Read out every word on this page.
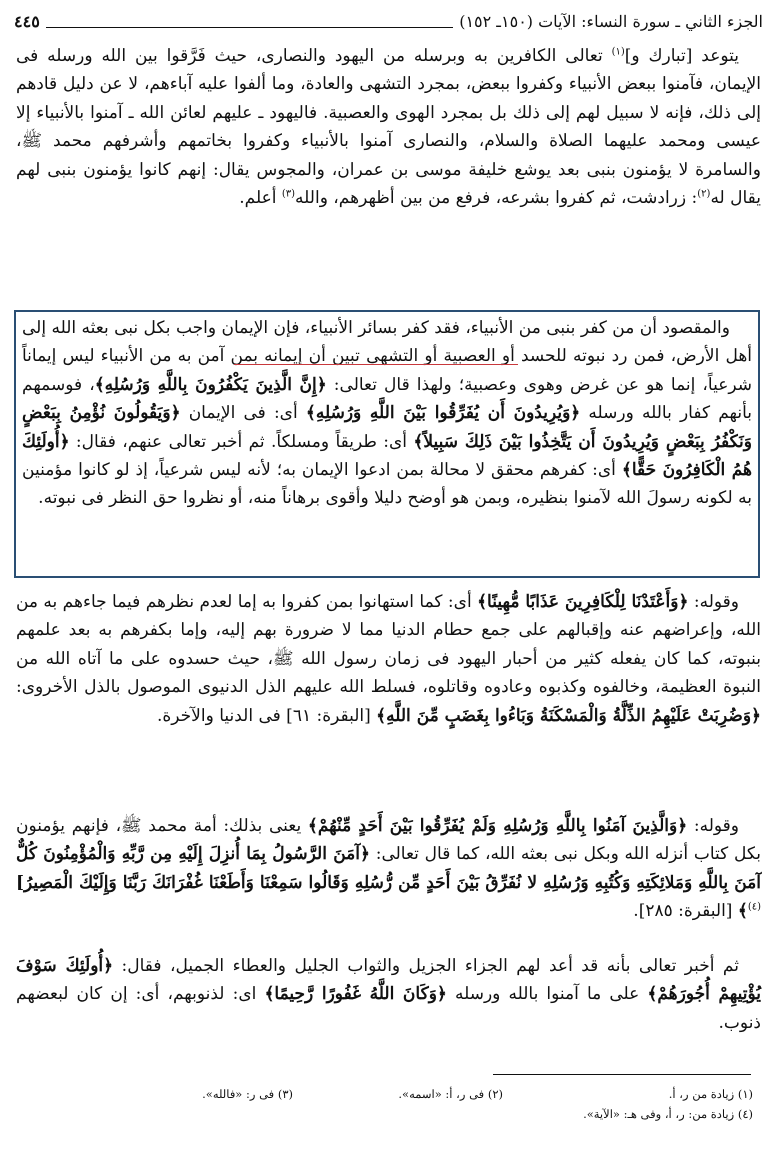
٤٤٥	الجزء الثاني ـ سورة النساء: الآيات (١٥٠ـ ١٥٢)
يتوعد [تبارك و]$^{(١)}$ تعالى الكافرين به وبرسله من اليهود والنصارى، حيث فَرَّقوا بين الله ورسله فى الإيمان، فآمنوا ببعض الأنبياء وكفروا ببعض، بمجرد التشهى والعادة، وما ألفوا عليه آباءهم، لا عن دليل قادهم إلى ذلك، فإنه لا سبيل لهم إلى ذلك بل بمجرد الهوى والعصبية. فاليهود ـ عليهم لعائن الله ـ آمنوا بالأنبياء إلا عيسى ومحمد عليهما الصلاة والسلام، والنصارى آمنوا بالأنبياء وكفروا بخاتمهم وأشرفهم محمد ﷺ، والسامرة لا يؤمنون بنبى بعد يوشع خليفة موسى بن عمران، والمجوس يقال: إنهم كانوا يؤمنون بنبى لهم يقال له$^{(٢)}$: زرادشت، ثم كفروا بشرعه، فرفع من بين أظهرهم، والله$^{(٣)}$ أعلم.
والمقصود أن من كفر بنبى من الأنبياء، فقد كفر بسائر الأنبياء، فإن الإيمان واجب بكل نبى بعثه الله إلى أهل الأرض، فمن رد نبوته للحسد أو العصبية أو التشهى تبين أن إيمانه بمن آمن به من الأنبياء ليس إيماناً شرعياً، إنما هو عن غرض وهوى وعصبية؛ ولهذا قال تعالى: ﴿إِنَّ الَّذِينَ يَكْفُرُونَ بِاللَّهِ وَرُسُلِهِ﴾، فوسمهم بأنهم كفار بالله ورسله ﴿وَيُرِيدُونَ أَن يُفَرِّقُوا بَيْنَ اللَّهِ وَرُسُلِهِ﴾ أى: فى الإيمان ﴿وَيَقُولُونَ نُؤْمِنُ بِبَعْضٍ وَنَكْفُرُ بِبَعْضٍ وَيُرِيدُونَ أَن يَتَّخِذُوا بَيْنَ ذَلِكَ سَبِيلاً﴾ أى: طريقاً ومسلكاً. ثم أخبر تعالى عنهم، فقال: ﴿أُولَئِكَ هُمُ الْكَافِرُونَ حَقًّا﴾ أى: كفرهم محقق لا محالة بمن ادعوا الإيمان به؛ لأنه ليس شرعياً، إذ لو كانوا مؤمنين به لكونه رسولَ الله لآمنوا بنظيره، وبمن هو أوضح دليلا وأقوى برهاناً منه، أو نظروا حق النظر فى نبوته.
وقوله: ﴿وَأَعْتَدْنَا لِلْكَافِرِينَ عَذَابًا مُّهِينًا﴾ أى: كما استهانوا بمن كفروا به إما لعدم نظرهم فيما جاءهم به من الله، وإعراضهم عنه وإقبالهم على جمع حطام الدنيا مما لا ضرورة بهم إليه، وإما بكفرهم به بعد علمهم بنبوته، كما كان يفعله كثير من أحبار اليهود فى زمان رسول الله ﷺ، حيث حسدوه على ما آتاه الله من النبوة العظيمة، وخالفوه وكذبوه وعادوه وقاتلوه، فسلط الله عليهم الذل الدنيوى الموصول بالذل الأخروى: ﴿وَضُرِبَتْ عَلَيْهِمُ الذِّلَّةُ وَالْمَسْكَنَةُ وَبَاءُوا بِغَضَبٍ مِّنَ اللَّهِ﴾ [البقرة: ٦١] فى الدنيا والآخرة.
وقوله: ﴿وَالَّذِينَ آمَنُوا بِاللَّهِ وَرُسُلِهِ وَلَمْ يُفَرِّقُوا بَيْنَ أَحَدٍ مِّنْهُمْ﴾ يعنى بذلك: أمة محمد ﷺ، فإنهم يؤمنون بكل كتاب أنزله الله وبكل نبى بعثه الله، كما قال تعالى: ﴿آمَنَ الرَّسُولُ بِمَا أُنزِلَ إِلَيْهِ مِن رَّبِّهِ وَالْمُؤْمِنُونَ كُلٌّ آمَنَ بِاللَّهِ وَمَلائِكَتِهِ وَكُتُبِهِ وَرُسُلِهِ لا نُفَرِّقُ بَيْنَ أَحَدٍ مِّن رُّسُلِهِ وَقَالُوا سَمِعْنَا وَأَطَعْنَا غُفْرَانَكَ رَبَّنَا وَإِلَيْكَ الْمَصِيرُ]$^{(٤)}$﴾ [البقرة: ٢٨٥].
ثم أخبر تعالى بأنه قد أعد لهم الجزاء الجزيل والثواب الجليل والعطاء الجميل، فقال: ﴿أُولَئِكَ سَوْفَ يُؤْتِيهِمْ أُجُورَهُمْ﴾ على ما آمنوا بالله ورسله ﴿وَكَانَ اللَّهُ غَفُورًا رَّحِيمًا﴾ اى: لذنوبهم، أى: إن كان لبعضهم ذنوب.
(١) زيادة من ر، أ.
(٢) فى ر، أ: «اسمه».
(٣) فى ر: «فالله».
(٤) زيادة من: ر، أ، وفى هـ: «الآية».
